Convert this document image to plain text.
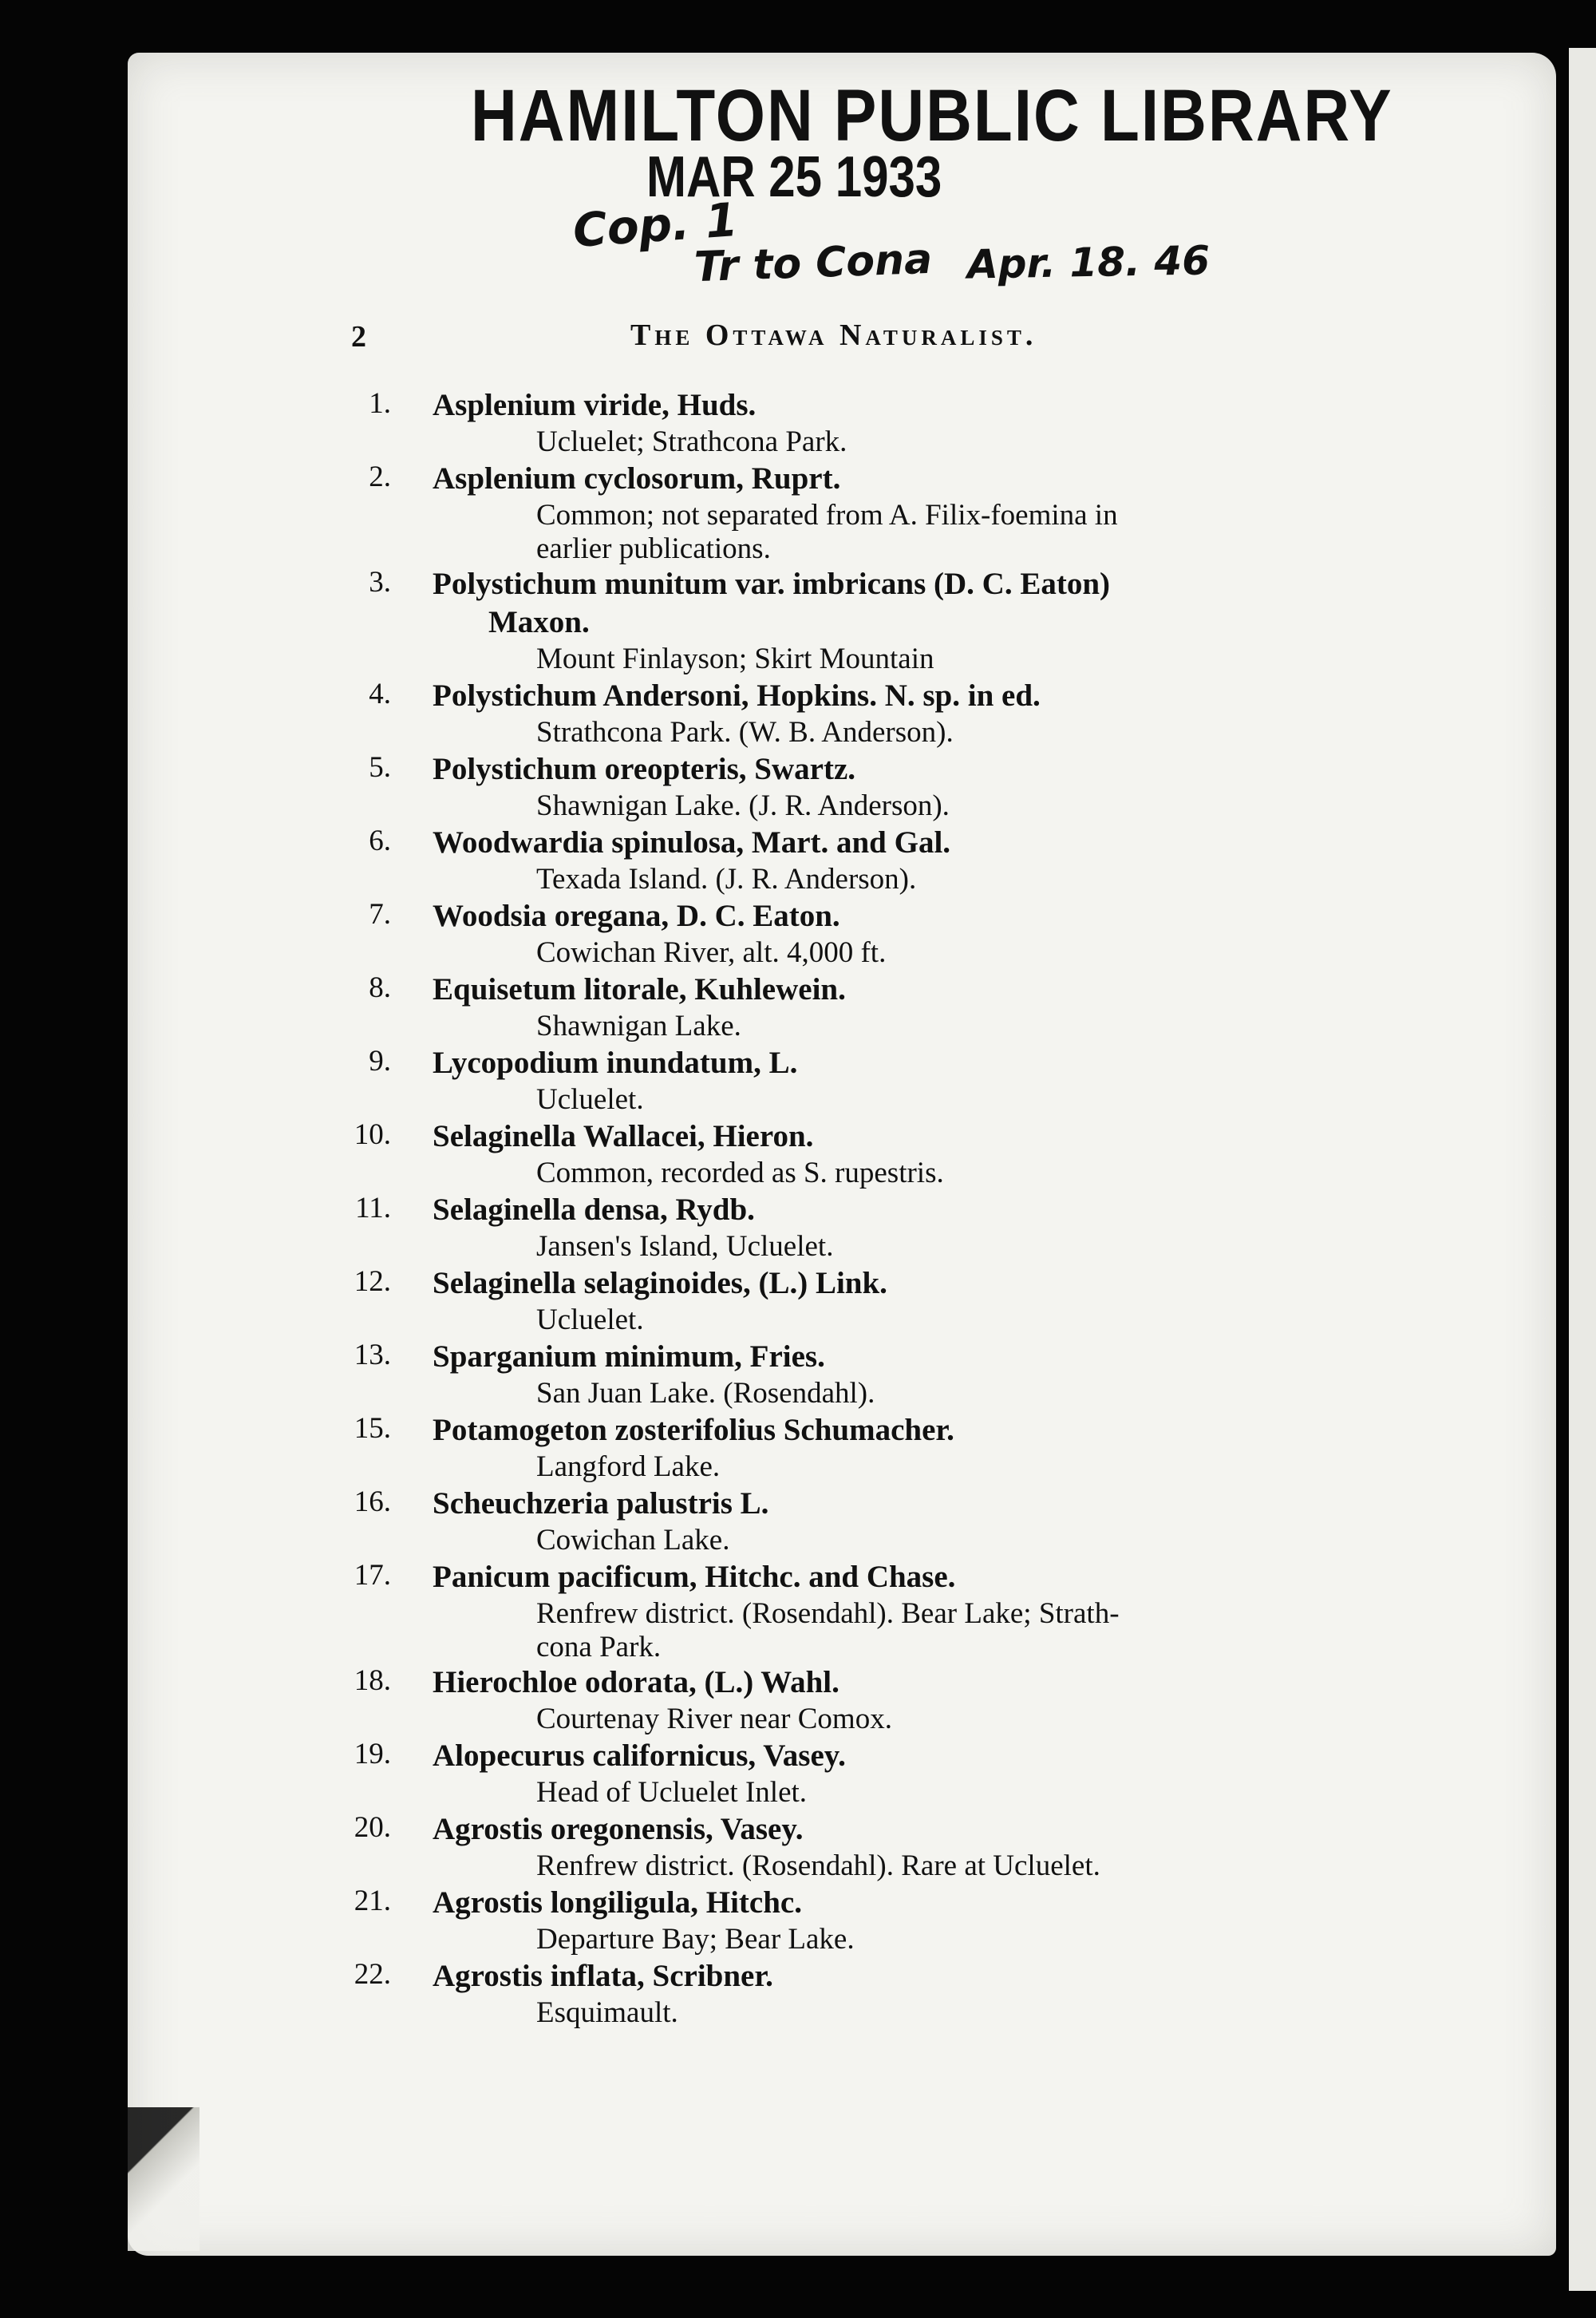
HAMILTON PUBLIC LIBRARY
MAR 25 1933
Cop. 1
Tr to Cona Apr. 18. 46
2	The Ottawa Naturalist.
1. Asplenium viride, Huds.
Ucluelet; Strathcona Park.
2. Asplenium cyclosorum, Ruprt.
Common; not separated from A. Filix-foemina in
earlier publications.
3. Polystichum munitum var. imbricans (D. C. Eaton)
Maxon.
Mount Finlayson; Skirt Mountain
4. Polystichum Andersoni, Hopkins. N. sp. in ed.
Strathcona Park. (W. B. Anderson).
5. Polystichum oreopteris, Swartz.
Shawnigan Lake. (J. R. Anderson).
6. Woodwardia spinulosa, Mart. and Gal.
Texada Island. (J. R. Anderson).
7. Woodsia oregana, D. C. Eaton.
Cowichan River, alt. 4,000 ft.
8. Equisetum litorale, Kuhlewein.
Shawnigan Lake.
9. Lycopodium inundatum, L.
Ucluelet.
10. Selaginella Wallacei, Hieron.
Common, recorded as S. rupestris.
11. Selaginella densa, Rydb.
Jansen's Island, Ucluelet.
12. Selaginella selaginoides, (L.) Link.
Ucluelet.
13. Sparganium minimum, Fries.
San Juan Lake. (Rosendahl).
15. Potamogeton zosterifolius Schumacher.
Langford Lake.
16. Scheuchzeria palustris L.
Cowichan Lake.
17. Panicum pacificum, Hitchc. and Chase.
Renfrew district. (Rosendahl). Bear Lake; Strath-
cona Park.
18. Hierochloe odorata, (L.) Wahl.
Courtenay River near Comox.
19. Alopecurus californicus, Vasey.
Head of Ucluelet Inlet.
20. Agrostis oregonensis, Vasey.
Renfrew district. (Rosendahl). Rare at Ucluelet.
21. Agrostis longiligula, Hitchc.
Departure Bay; Bear Lake.
22. Agrostis inflata, Scribner.
Esquimault.
